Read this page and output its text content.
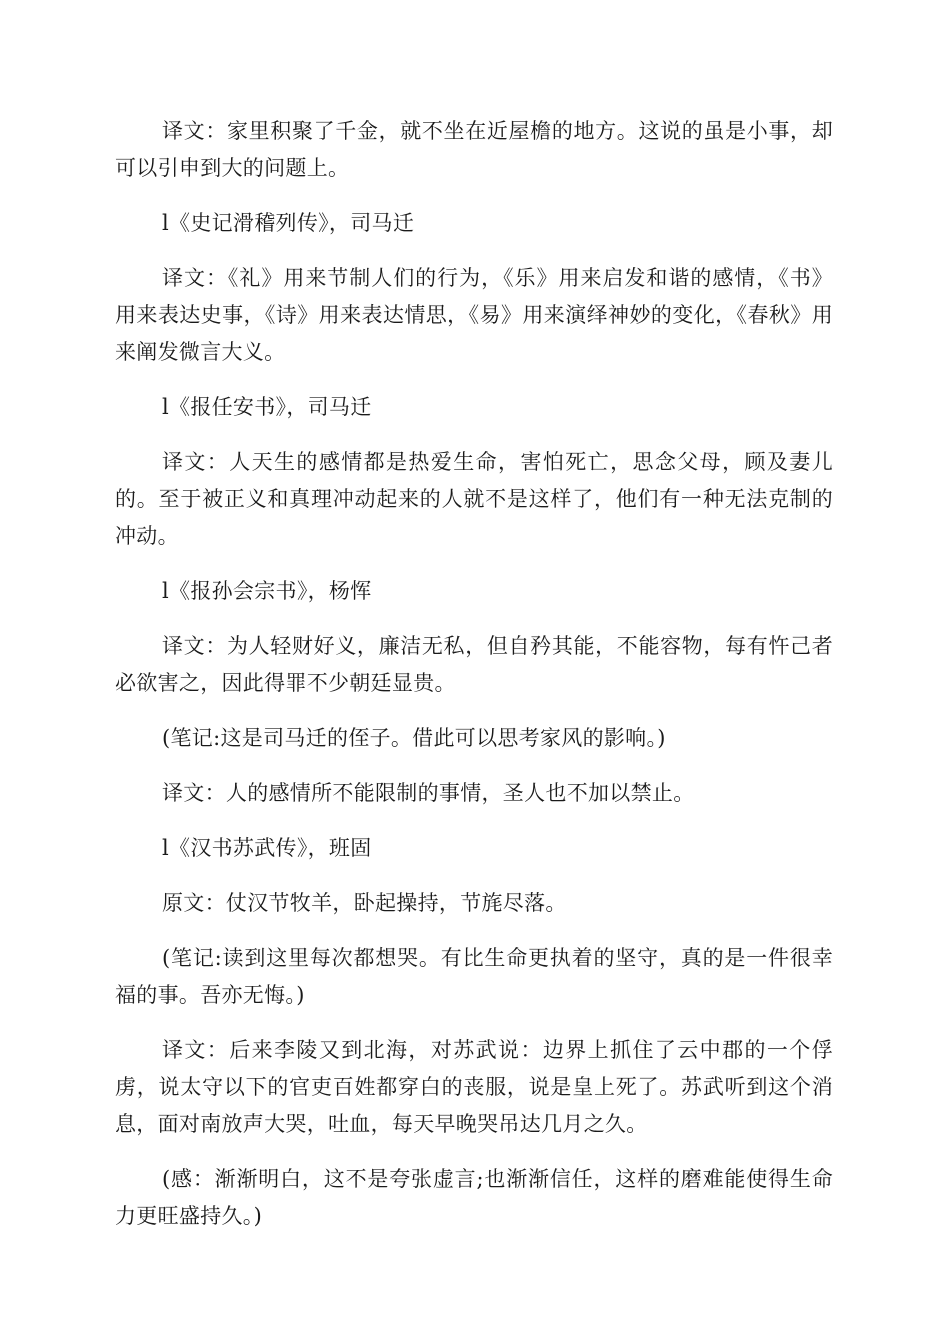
译文：家里积聚了千金，就不坐在近屋檐的地方。这说的虽是小事，却可以引申到大的问题上。

l《史记滑稽列传》，司马迁

译文：《礼》用来节制人们的行为，《乐》用来启发和谐的感情，《书》用来表达史事，《诗》用来表达情思，《易》用来演绎神妙的变化，《春秋》用来阐发微言大义。

l《报任安书》，司马迁

译文：人天生的感情都是热爱生命，害怕死亡，思念父母，顾及妻儿的。至于被正义和真理冲动起来的人就不是这样了，他们有一种无法克制的冲动。

l《报孙会宗书》，杨恽

译文：为人轻财好义，廉洁无私，但自矜其能，不能容物，每有忤己者必欲害之，因此得罪不少朝廷显贵。

(笔记:这是司马迁的侄子。借此可以思考家风的影响。)

译文：人的感情所不能限制的事情，圣人也不加以禁止。

l《汉书苏武传》，班固

原文：仗汉节牧羊，卧起操持，节旄尽落。

(笔记:读到这里每次都想哭。有比生命更执着的坚守，真的是一件很幸福的事。吾亦无悔。)

译文：后来李陵又到北海，对苏武说：边界上抓住了云中郡的一个俘虏，说太守以下的官吏百姓都穿白的丧服，说是皇上死了。苏武听到这个消息，面对南放声大哭，吐血，每天早晚哭吊达几月之久。

(感：渐渐明白，这不是夸张虚言;也渐渐信任，这样的磨难能使得生命力更旺盛持久。)
